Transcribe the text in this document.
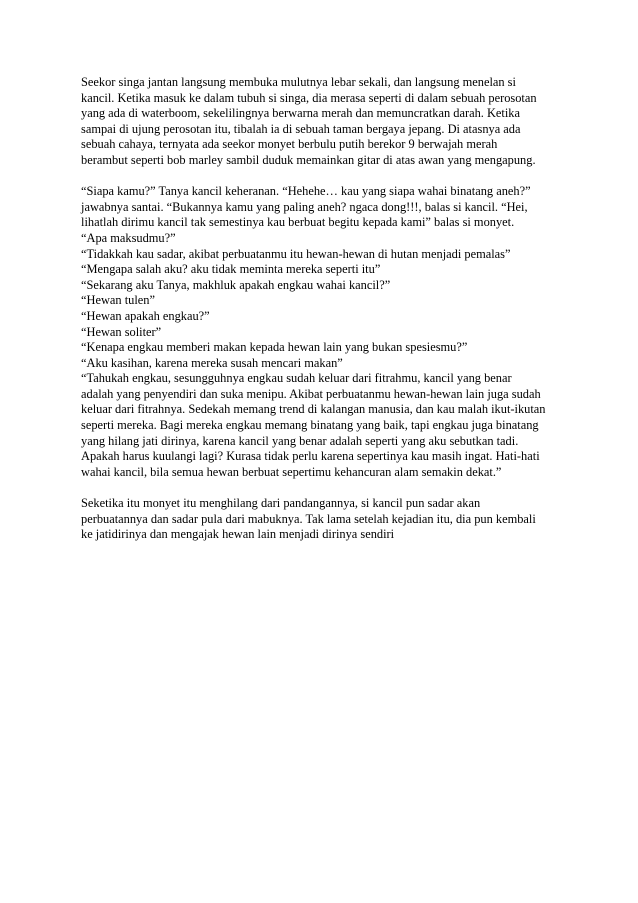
Seekor singa jantan langsung membuka mulutnya lebar sekali, dan langsung menelan si
kancil. Ketika masuk ke dalam tubuh si singa, dia merasa seperti di dalam sebuah perosotan
yang ada di waterboom, sekelilingnya berwarna merah dan memuncratkan darah. Ketika
sampai di ujung perosotan itu, tibalah ia di sebuah taman bergaya jepang. Di atasnya ada
sebuah cahaya, ternyata ada seekor monyet berbulu putih berekor 9 berwajah merah
berambut seperti bob marley sambil duduk memainkan gitar di atas awan yang mengapung.

“Siapa kamu?” Tanya kancil keheranan. “Hehehe… kau yang siapa wahai binatang aneh?”
jawabnya santai. “Bukannya kamu yang paling aneh? ngaca dong!!!, balas si kancil. “Hei,
lihatlah dirimu kancil tak semestinya kau berbuat begitu kepada kami” balas si monyet.
“Apa maksudmu?”
“Tidakkah kau sadar, akibat perbuatanmu itu hewan-hewan di hutan menjadi pemalas”
“Mengapa salah aku? aku tidak meminta mereka seperti itu”
“Sekarang aku Tanya, makhluk apakah engkau wahai kancil?”
“Hewan tulen”
“Hewan apakah engkau?”
“Hewan soliter”
“Kenapa engkau memberi makan kepada hewan lain yang bukan spesiesmu?”
“Aku kasihan, karena mereka susah mencari makan”
“Tahukah engkau, sesungguhnya engkau sudah keluar dari fitrahmu, kancil yang benar
adalah yang penyendiri dan suka menipu. Akibat perbuatanmu hewan-hewan lain juga sudah
keluar dari fitrahnya. Sedekah memang trend di kalangan manusia, dan kau malah ikut-ikutan
seperti mereka. Bagi mereka engkau memang binatang yang baik, tapi engkau juga binatang
yang hilang jati dirinya, karena kancil yang benar adalah seperti yang aku sebutkan tadi.
Apakah harus kuulangi lagi? Kurasa tidak perlu karena sepertinya kau masih ingat. Hati-hati
wahai kancil, bila semua hewan berbuat sepertimu kehancuran alam semakin dekat.”

Seketika itu monyet itu menghilang dari pandangannya, si kancil pun sadar akan
perbuatannya dan sadar pula dari mabuknya. Tak lama setelah kejadian itu, dia pun kembali
ke jatidirinya dan mengajak hewan lain menjadi dirinya sendiri
